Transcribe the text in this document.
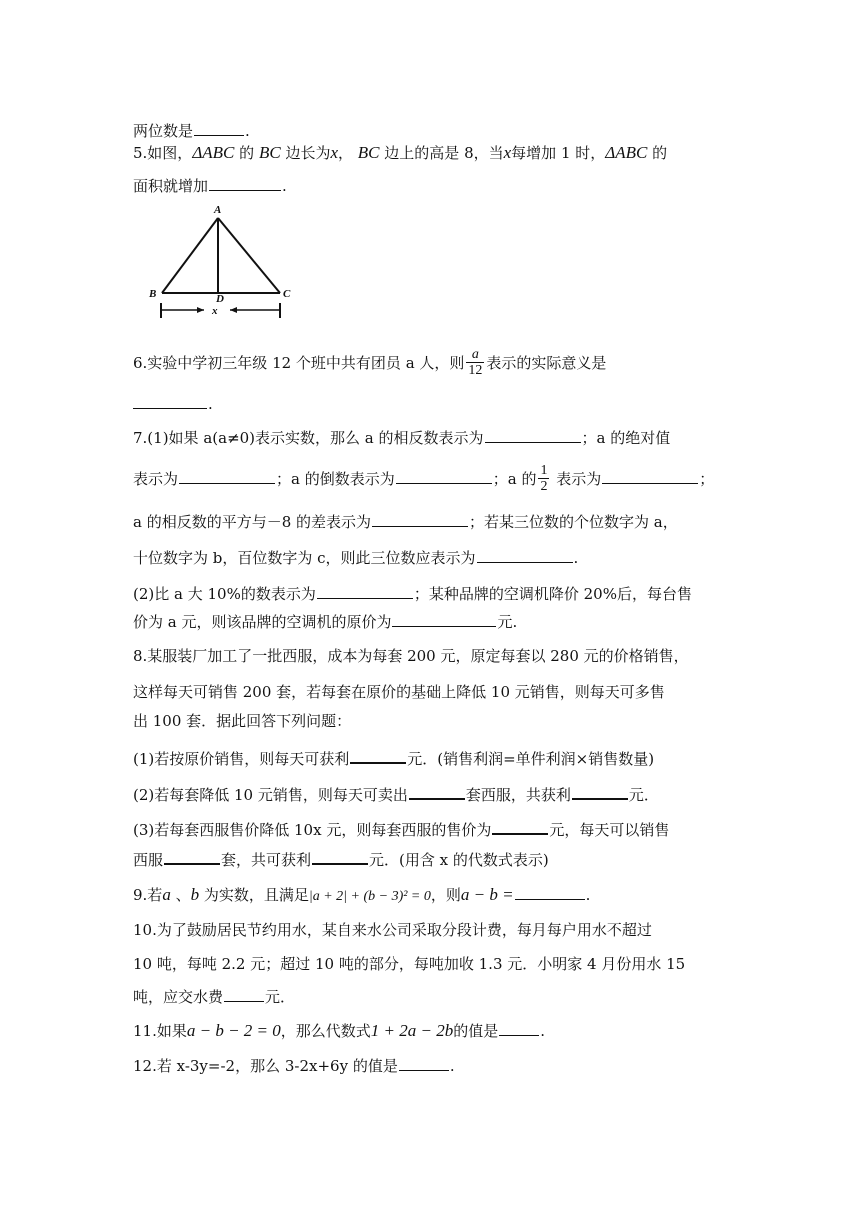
两位数是	.
5.如图，ΔABC 的 BC 边长为x， BC 边上的高是 8，当x每增加 1 时，ΔABC 的
面积就增加	.
A
B	C
D
x
6.实验中学初三年级 12 个班中共有团员 a 人，则 $\frac{a}{12}$ 表示的实际意义是
.
7.(1)如果 a(a≠0)表示实数，那么 a 的相反数表示为	；a 的绝对值
表示为	；a 的倒数表示为	；a 的 $\frac{1}{2}$ 表示为	；
a 的相反数的平方与－8 的差表示为	；若某三位数的个位数字为 a，
十位数字为 b，百位数字为 c，则此三位数应表示为	.
(2)比 a 大 10%的数表示为	；某种品牌的空调机降价 20%后，每台售
价为 a 元，则该品牌的空调机的原价为	元.
8.某服装厂加工了一批西服，成本为每套 200 元，原定每套以 280 元的价格销售，
这样每天可销售 200 套，若每套在原价的基础上降低 10 元销售，则每天可多售
出 100 套．据此回答下列问题：
(1)若按原价销售，则每天可获利	元．(销售利润=单件利润×销售数量)
(2)若每套降低 10 元销售，则每天可卖出	套西服，共获利	元．
(3)若每套西服售价降低 10x 元，则每套西服的售价为	元，每天可以销售
西服	套，共可获利	元．(用含 x 的代数式表示)
9.若a 、b 为实数，且满足|a + 2| + (b − 3)² = 0，则a − b =	.
10.为了鼓励居民节约用水，某自来水公司采取分段计费，每月每户用水不超过
10 吨，每吨 2.2 元；超过 10 吨的部分，每吨加收 1.3 元．小明家 4 月份用水 15
吨，应交水费	元．
11.如果a − b − 2 = 0，那么代数式1 + 2a − 2b的值是	.
12.若 x-3y=-2，那么 3-2x+6y 的值是	.
